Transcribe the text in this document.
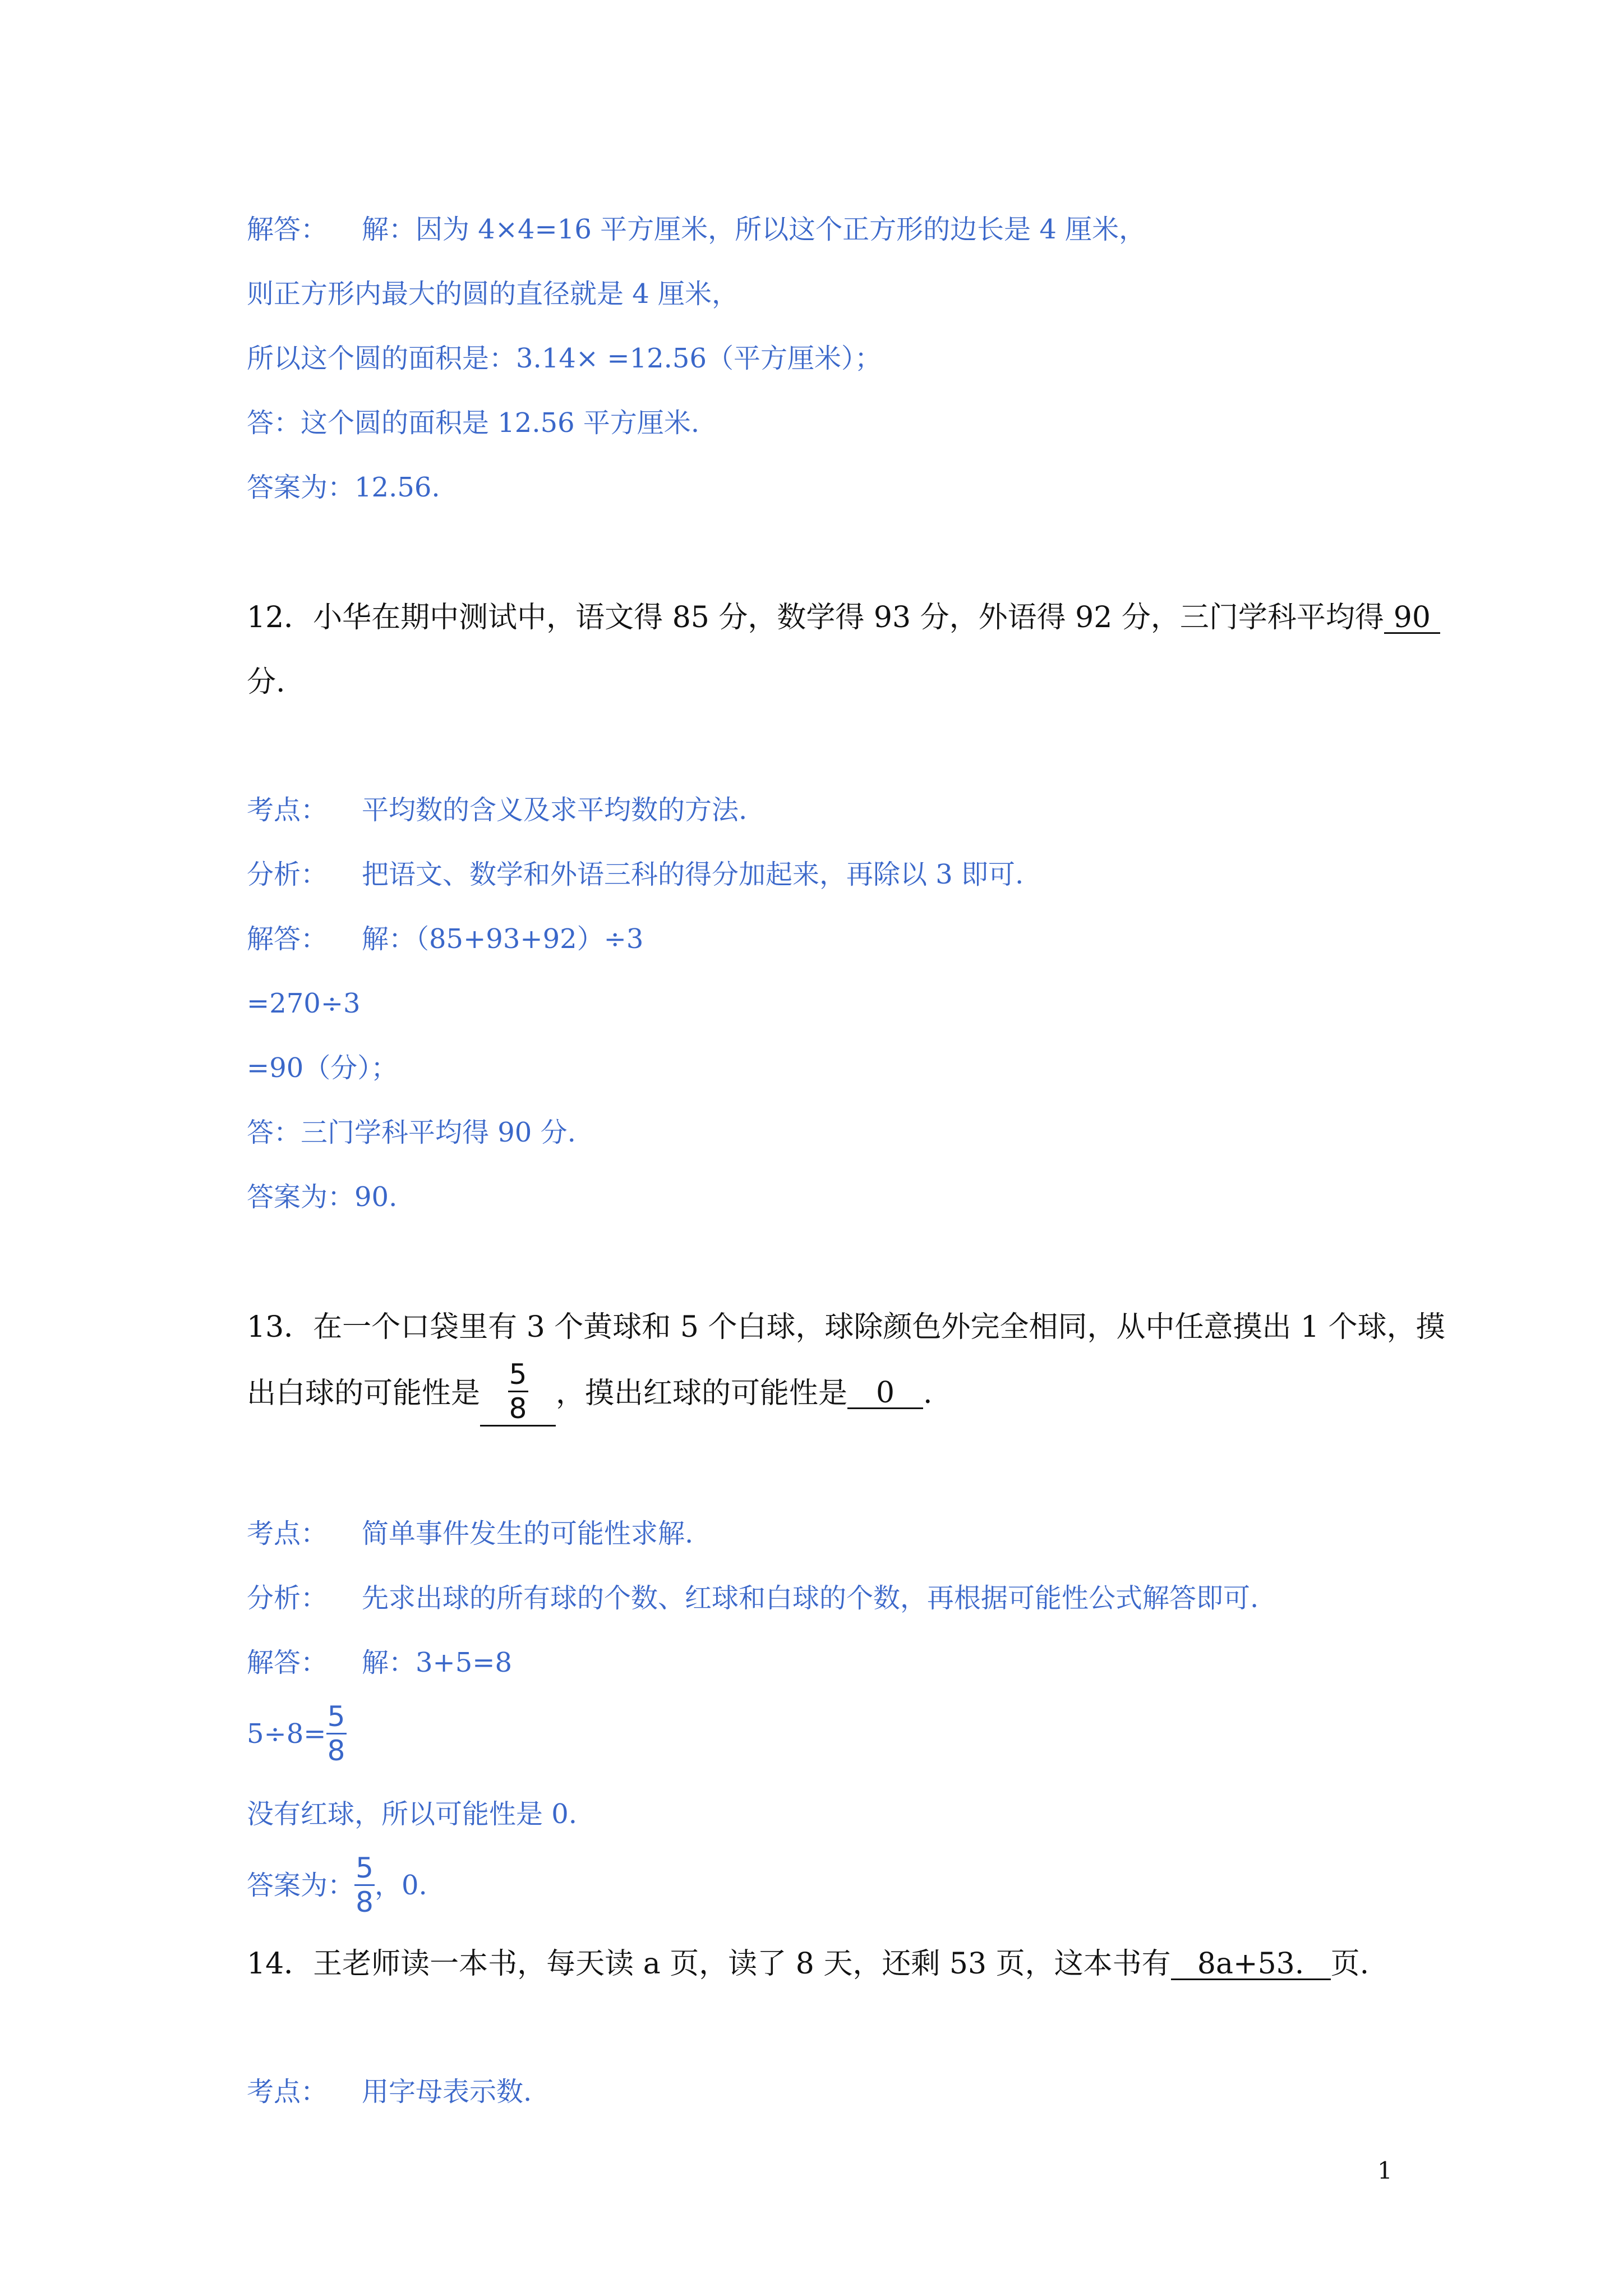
解答： 解：因为 4×4=16 平方厘米，所以这个正方形的边长是 4 厘米，
则正方形内最大的圆的直径就是 4 厘米，
所以这个圆的面积是：3.14× =12.56（平方厘米）；
答：这个圆的面积是 12.56 平方厘米.
答案为：12.56.
12．小华在期中测试中，语文得 85 分，数学得 93 分，外语得 92 分，三门学科平均得 90
分.
考点： 平均数的含义及求平均数的方法.
分析： 把语文、数学和外语三科的得分加起来，再除以 3 即可.
解答： 解：（85+93+92）÷3
=270÷3
=90（分）；
答：三门学科平均得 90 分.
答案为：90.
13．在一个口袋里有 3 个黄球和 5 个白球，球除颜色外完全相同，从中任意摸出 1 个球，摸
出白球的可能性是 $\frac{5}{8}$ ，摸出红球的可能性是 0 .
考点： 简单事件发生的可能性求解.
分析： 先求出球的所有球的个数、红球和白球的个数，再根据可能性公式解答即可.
解答： 解：3+5=8
$5\div 8= \frac{5}{8}$
没有红球，所以可能性是 0.
答案为： $\frac{5}{8}$ ，0.
14．王老师读一本书，每天读 a 页，读了 8 天，还剩 53 页，这本书有 8a+53. 页.
考点： 用字母表示数.
1
